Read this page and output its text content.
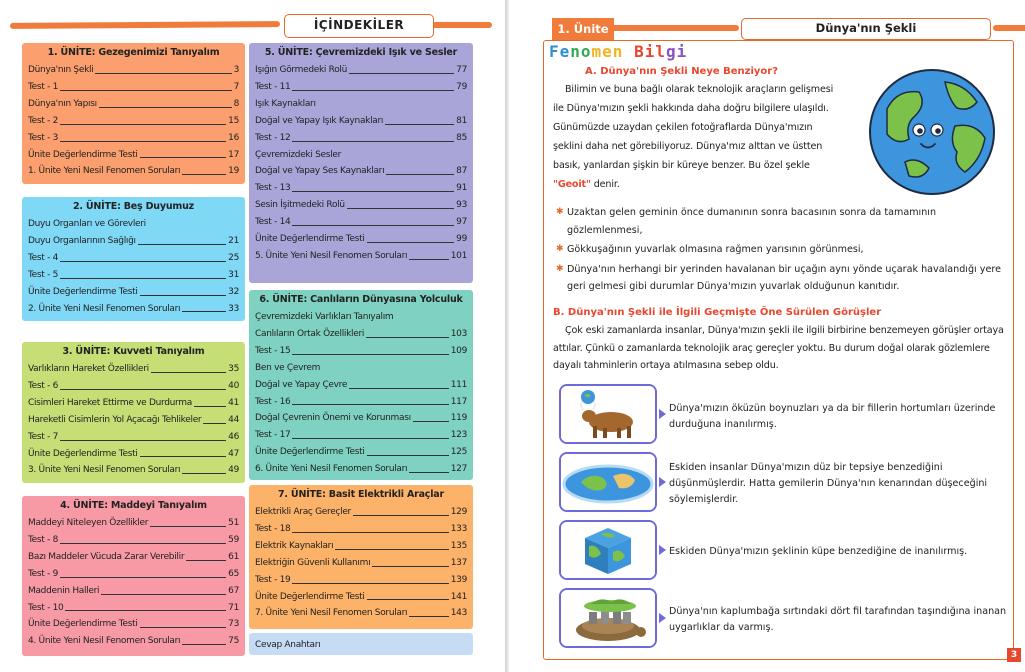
İÇİNDEKİLER
1. ÜNİTE: Gezegenimizi Tanıyalım
Dünya'nın Şekli	3
Test - 1	7
Dünya'nın Yapısı	8
Test - 2	15
Test - 3	16
Ünite Değerlendirme Testi	17
1. Ünite Yeni Nesil Fenomen Soruları	19
2. ÜNİTE: Beş Duyumuz
Duyu Organları ve Görevleri
Duyu Organlarının Sağlığı	21
Test - 4	25
Test - 5	31
Ünite Değerlendirme Testi	32
2. Ünite Yeni Nesil Fenomen Soruları	33
3. ÜNİTE: Kuvveti Tanıyalım
Varlıkların Hareket Özellikleri	35
Test - 6	40
Cisimleri Hareket Ettirme ve Durdurma	41
Hareketli Cisimlerin Yol Açacağı Tehlikeler	44
Test - 7	46
Ünite Değerlendirme Testi	47
3. Ünite Yeni Nesil Fenomen Soruları	49
4. ÜNİTE: Maddeyi Tanıyalım
Maddeyi Niteleyen Özellikler	51
Test - 8	59
Bazı Maddeler Vücuda Zarar Verebilir	61
Test - 9	65
Maddenin Halleri	67
Test - 10	71
Ünite Değerlendirme Testi	73
4. Ünite Yeni Nesil Fenomen Soruları	75
5. ÜNİTE: Çevremizdeki Işık ve Sesler
Işığın Görmedeki Rolü	77
Test - 11	79
Işık Kaynakları
Doğal ve Yapay Işık Kaynakları	81
Test - 12	85
Çevremizdeki Sesler
Doğal ve Yapay Ses Kaynakları	87
Test - 13	91
Sesin İşitmedeki Rolü	93
Test - 14	97
Ünite Değerlendirme Testi	99
5. Ünite Yeni Nesil Fenomen Soruları	101
6. ÜNİTE: Canlıların Dünyasına Yolculuk
Çevremizdeki Varlıkları Tanıyalım
Canlıların Ortak Özellikleri	103
Test - 15	109
Ben ve Çevrem
Doğal ve Yapay Çevre	111
Test - 16	117
Doğal Çevrenin Önemi ve Korunması	119
Test - 17	123
Ünite Değerlendirme Testi	125
6. Ünite Yeni Nesil Fenomen Soruları	127
7. ÜNİTE: Basit Elektrikli Araçlar
Elektrikli Araç Gereçler	129
Test - 18	133
Elektrik Kaynakları	135
Elektriğin Güvenli Kullanımı	137
Test - 19	139
Ünite Değerlendirme Testi	141
7. Ünite Yeni Nesil Fenomen Soruları	143
Cevap Anahtarı
1. Ünite	Dünya'nın Şekli
Fenomen Bilgi
A. Dünya'nın Şekli Neye Benziyor?
Bilimin ve buna bağlı olarak teknolojik araçların gelişmesi ile Dünya'mızın şekli hakkında daha doğru bilgilere ulaşıldı. Günümüzde uzaydan çekilen fotoğraflarda Dünya'mızın şeklini daha net görebiliyoruz. Dünya'mız alttan ve üstten basık, yanlardan şişkin bir küreye benzer. Bu özel şekle "Geoit" denir.
✱ Uzaktan gelen geminin önce dumanının sonra bacasının sonra da tamamının gözlemlenmesi,
✱ Gökkuşağının yuvarlak olmasına rağmen yarısının görünmesi,
✱ Dünya'nın herhangi bir yerinden havalanan bir uçağın aynı yönde uçarak havalandığı yere geri gelmesi gibi durumlar Dünya'mızın yuvarlak olduğunun kanıtıdır.
B. Dünya'nın Şekli ile İlgili Geçmişte Öne Sürülen Görüşler
Çok eski zamanlarda insanlar, Dünya'mızın şekli ile ilgili birbirine benzemeyen görüşler ortaya attılar. Çünkü o zamanlarda teknolojik araç gereçler yoktu. Bu durum doğal olarak gözlemlere dayalı tahminlerin ortaya atılmasına sebep oldu.
Dünya'mızın öküzün boynuzları ya da bir fillerin hortumları üzerinde durduğuna inanılırmış.
Eskiden insanlar Dünya'mızın düz bir tepsiye benzediğini düşünmüşlerdir. Hatta gemilerin Dünya'nın kenarından düşeceğini söylemişlerdir.
Eskiden Dünya'mızın şeklinin küpe benzediğine de inanılırmış.
Dünya'nın kaplumbağa sırtındaki dört fil tarafından taşındığına inanan uygarlıklar da varmış.
3
